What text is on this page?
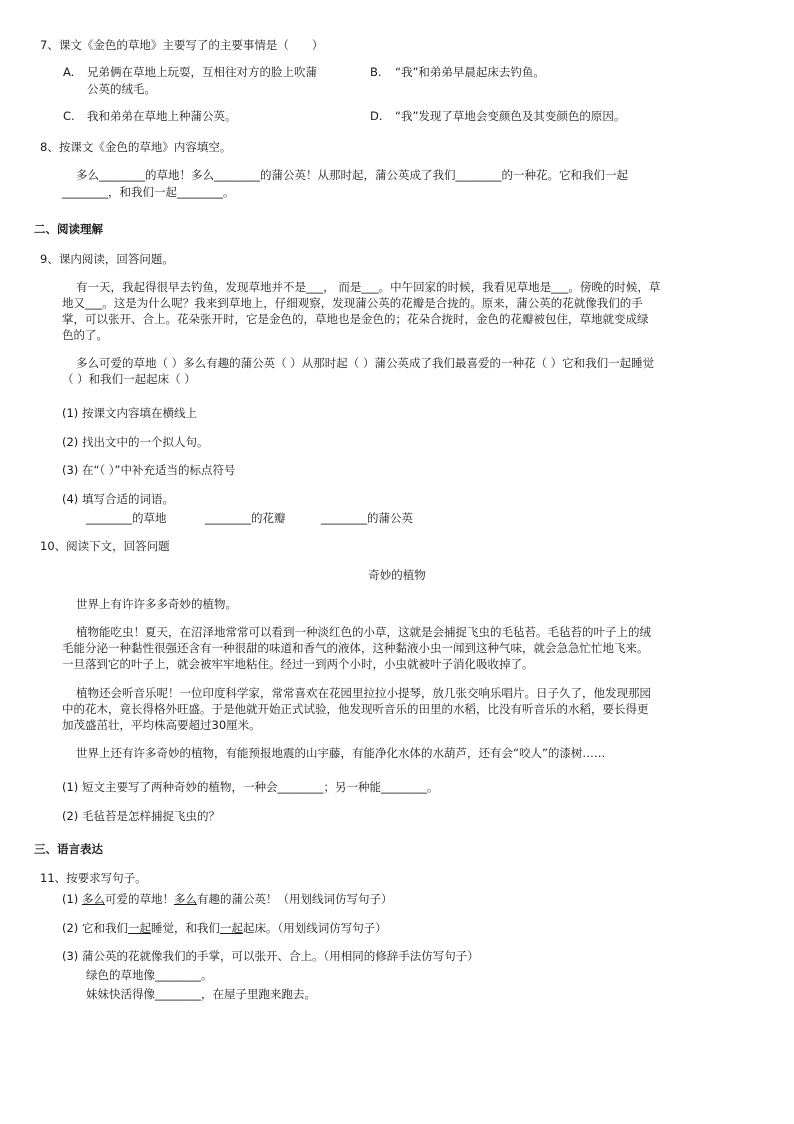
7、课文《金色的草地》主要写了的主要事情是（　　）
A. 兄弟俩在草地上玩耍，互相往对方的脸上吹蒲
公英的绒毛。
B. “我”和弟弟早晨起床去钓鱼。
C. 我和弟弟在草地上种蒲公英。	D. “我”发现了草地会变颜色及其变颜色的原因。
8、按课文《金色的草地》内容填空。
多么________的草地！多么________的蒲公英！从那时起，蒲公英成了我们________的一种花。它和我们一起
________，和我们一起________。
二、阅读理解
9、课内阅读，回答问题。
有一天，我起得很早去钓鱼，发现草地并不是___， 而是___。中午回家的时候，我看见草地是___。傍晚的时候，草
地又___。这是为什么呢？我来到草地上，仔细观察，发现蒲公英的花瓣是合拢的。原来，蒲公英的花就像我们的手
掌，可以张开、合上。花朵张开时，它是金色的，草地也是金色的；花朵合拢时，金色的花瓣被包住，草地就变成绿
色的了。
多么可爱的草地（ ）多么有趣的蒲公英（ ）从那时起（ ）蒲公英成了我们最喜爱的一种花（ ）它和我们一起睡觉
（ ）和我们一起起床（ ）
(1) 按课文内容填在横线上
(2) 找出文中的一个拟人句。
(3) 在“（ ）”中补充适当的标点符号
(4) 填写合适的词语。
________的草地	________的花瓣	________的蒲公英
10、阅读下文，回答问题
奇妙的植物
世界上有许许多多奇妙的植物。
植物能吃虫！夏天，在沼泽地常常可以看到一种淡红色的小草，这就是会捕捉飞虫的毛毡苔。毛毡苔的叶子上的绒
毛能分泌一种黏性很强还含有一种很甜的味道和香气的液体，这种黏液小虫一闻到这种气味，就会急急忙忙地飞来。
一旦落到它的叶子上，就会被牢牢地粘住。经过一到两个小时，小虫就被叶子消化吸收掉了。
植物还会听音乐呢！一位印度科学家，常常喜欢在花园里拉拉小提琴，放几张交响乐唱片。日子久了，他发现那园
中的花木，竟长得格外旺盛。于是他就开始正式试验，他发现听音乐的田里的水稻，比没有听音乐的水稻，要长得更
加茂盛茁壮，平均株高要超过30厘米。
世界上还有许多奇妙的植物，有能预报地震的山宇藤，有能净化水体的水葫芦，还有会“咬人”的漆树……
(1) 短文主要写了两种奇妙的植物，一种会________；另一种能________。
(2) 毛毡苔是怎样捕捉飞虫的？
三、语言表达
11、按要求写句子。
(1) 多么可爱的草地！多么有趣的蒲公英！（用划线词仿写句子）
(2) 它和我们一起睡觉，和我们一起起床。（用划线词仿写句子）
(3) 蒲公英的花就像我们的手掌，可以张开、合上。（用相同的修辞手法仿写句子）
绿色的草地像________。
妹妹快活得像________，在屋子里跑来跑去。
